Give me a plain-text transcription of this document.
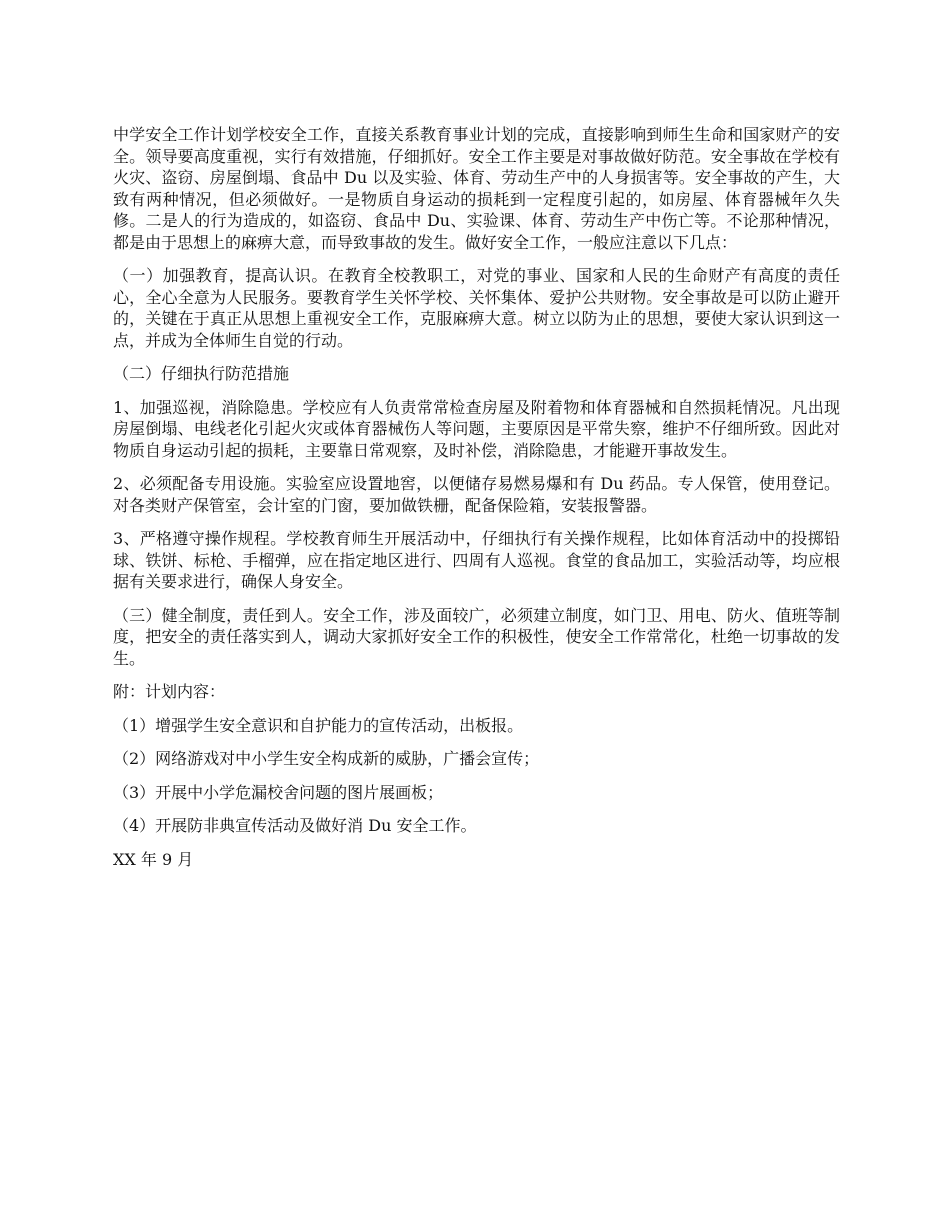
中学安全工作计划学校安全工作，直接关系教育事业计划的完成，直接影响到师生生命和国家财产的安全。领导要高度重视，实行有效措施，仔细抓好。安全工作主要是对事故做好防范。安全事故在学校有火灾、盗窃、房屋倒塌、食品中 Du 以及实验、体育、劳动生产中的人身损害等。安全事故的产生，大致有两种情况，但必须做好。一是物质自身运动的损耗到一定程度引起的，如房屋、体育器械年久失修。二是人的行为造成的，如盗窃、食品中 Du、实验课、体育、劳动生产中伤亡等。不论那种情况，都是由于思想上的麻痹大意，而导致事故的发生。做好安全工作，一般应注意以下几点：

（一）加强教育，提高认识。在教育全校教职工，对党的事业、国家和人民的生命财产有高度的责任心，全心全意为人民服务。要教育学生关怀学校、关怀集体、爱护公共财物。安全事故是可以防止避开的，关键在于真正从思想上重视安全工作，克服麻痹大意。树立以防为止的思想，要使大家认识到这一点，并成为全体师生自觉的行动。

（二）仔细执行防范措施

1、加强巡视，消除隐患。学校应有人负责常常检查房屋及附着物和体育器械和自然损耗情况。凡出现房屋倒塌、电线老化引起火灾或体育器械伤人等问题，主要原因是平常失察，维护不仔细所致。因此对物质自身运动引起的损耗，主要靠日常观察，及时补偿，消除隐患，才能避开事故发生。

2、必须配备专用设施。实验室应设置地窖，以便储存易燃易爆和有 Du 药品。专人保管，使用登记。对各类财产保管室，会计室的门窗，要加做铁栅，配备保险箱，安装报警器。

3、严格遵守操作规程。学校教育师生开展活动中，仔细执行有关操作规程，比如体育活动中的投掷铅球、铁饼、标枪、手榴弹，应在指定地区进行、四周有人巡视。食堂的食品加工，实验活动等，均应根据有关要求进行，确保人身安全。

（三）健全制度，责任到人。安全工作，涉及面较广，必须建立制度，如门卫、用电、防火、值班等制度，把安全的责任落实到人，调动大家抓好安全工作的积极性，使安全工作常常化，杜绝一切事故的发生。

附：计划内容：

（1）增强学生安全意识和自护能力的宣传活动，出板报。

（2）网络游戏对中小学生安全构成新的威胁，广播会宣传；

（3）开展中小学危漏校舍问题的图片展画板；

（4）开展防非典宣传活动及做好消 Du 安全工作。

XX 年 9 月
